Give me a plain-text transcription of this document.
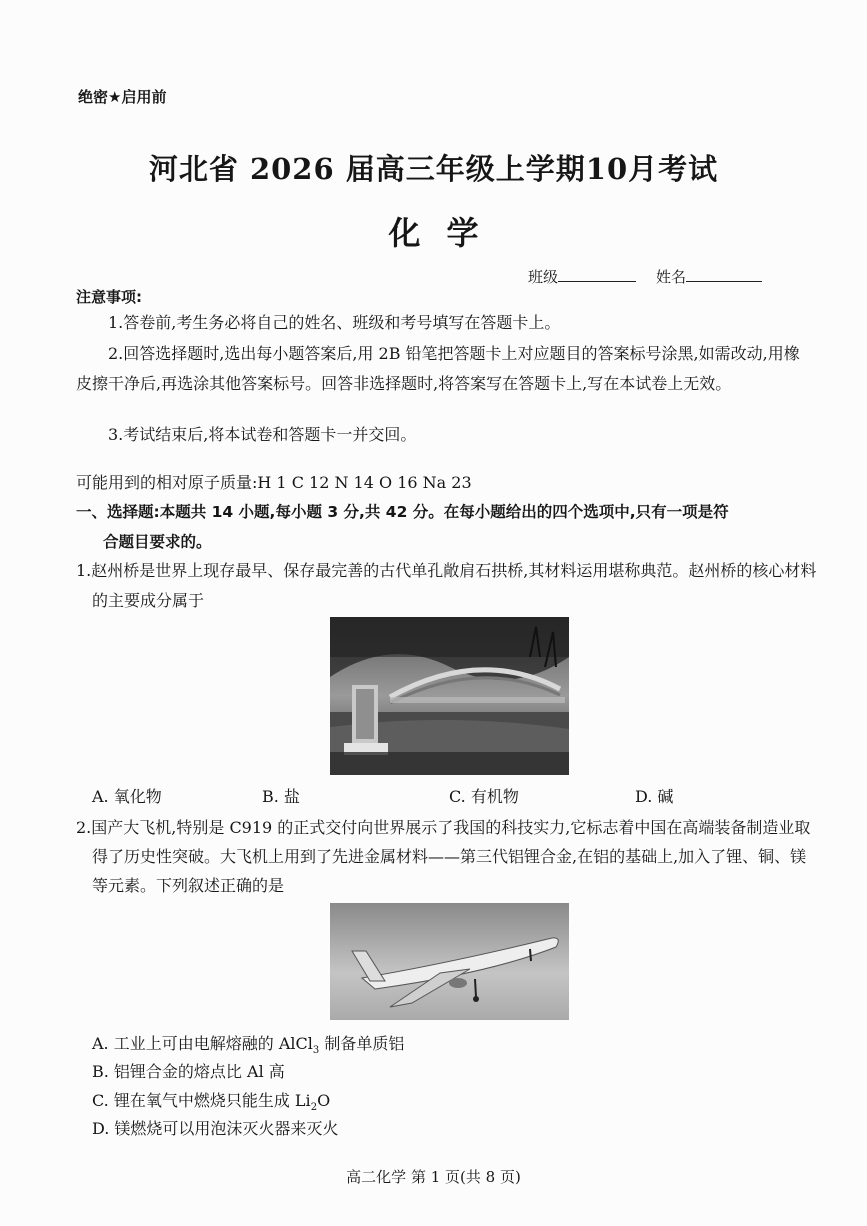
绝密★启用前
河北省 2026 届高三年级上学期10月考试
化学
班级	姓名
注意事项:
1.答卷前,考生务必将自己的姓名、班级和考号填写在答题卡上。
2.回答选择题时,选出每小题答案后,用 2B 铅笔把答题卡上对应题目的答案标号涂黑,如需改动,用橡皮擦干净后,再选涂其他答案标号。回答非选择题时,将答案写在答题卡上,写在本试卷上无效。
3.考试结束后,将本试卷和答题卡一并交回。
可能用到的相对原子质量:H 1 C 12 N 14 O 16 Na 23
一、选择题:本题共 14 小题,每小题 3 分,共 42 分。在每小题给出的四个选项中,只有一项是符
合题目要求的。
1.赵州桥是世界上现存最早、保存最完善的古代单孔敞肩石拱桥,其材料运用堪称典范。赵州桥的核心材料的主要成分属于
A. 氧化物	B. 盐	C. 有机物	D. 碱
2.国产大飞机,特别是 C919 的正式交付向世界展示了我国的科技实力,它标志着中国在高端装备制造业取得了历史性突破。大飞机上用到了先进金属材料——第三代铝锂合金,在铝的基础上,加入了锂、铜、镁等元素。下列叙述正确的是
A. 工业上可由电解熔融的 AlCl$_3$ 制备单质铝
B. 铝锂合金的熔点比 Al 高
C. 锂在氧气中燃烧只能生成 $Li_2O$
D. 镁燃烧可以用泡沫灭火器来灭火
高二化学 第 1 页(共 8 页)
